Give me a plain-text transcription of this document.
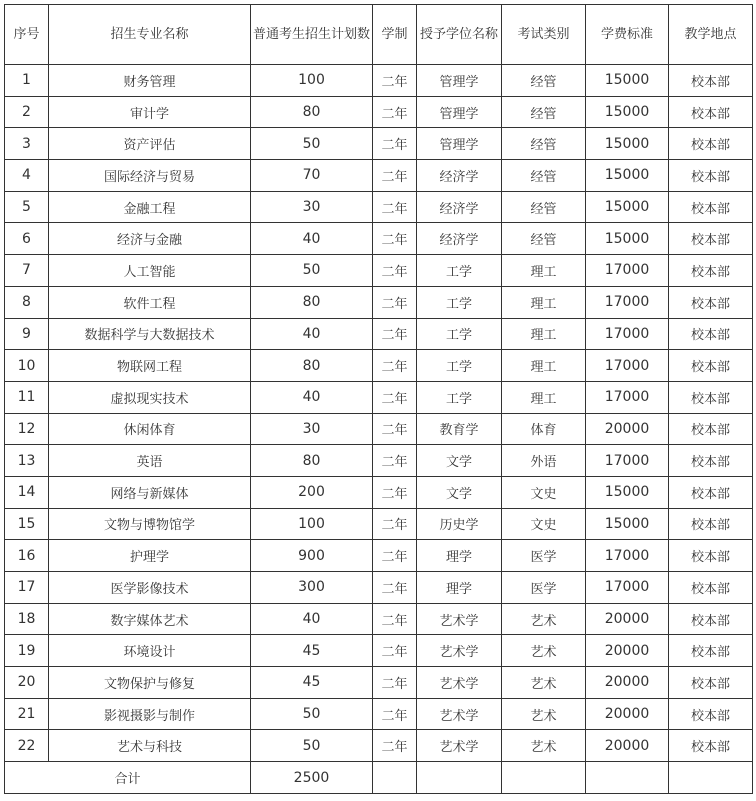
序号	招生专业名称	普通考生招生计划数	学制	授予学位名称	考试类别	学费标准	教学地点
1	财务管理	100	二年	管理学	经管	15000	校本部
2	审计学	80	二年	管理学	经管	15000	校本部
3	资产评估	50	二年	管理学	经管	15000	校本部
4	国际经济与贸易	70	二年	经济学	经管	15000	校本部
5	金融工程	30	二年	经济学	经管	15000	校本部
6	经济与金融	40	二年	经济学	经管	15000	校本部
7	人工智能	50	二年	工学	理工	17000	校本部
8	软件工程	80	二年	工学	理工	17000	校本部
9	数据科学与大数据技术	40	二年	工学	理工	17000	校本部
10	物联网工程	80	二年	工学	理工	17000	校本部
11	虚拟现实技术	40	二年	工学	理工	17000	校本部
12	休闲体育	30	二年	教育学	体育	20000	校本部
13	英语	80	二年	文学	外语	17000	校本部
14	网络与新媒体	200	二年	文学	文史	15000	校本部
15	文物与博物馆学	100	二年	历史学	文史	15000	校本部
16	护理学	900	二年	理学	医学	17000	校本部
17	医学影像技术	300	二年	理学	医学	17000	校本部
18	数字媒体艺术	40	二年	艺术学	艺术	20000	校本部
19	环境设计	45	二年	艺术学	艺术	20000	校本部
20	文物保护与修复	45	二年	艺术学	艺术	20000	校本部
21	影视摄影与制作	50	二年	艺术学	艺术	20000	校本部
22	艺术与科技	50	二年	艺术学	艺术	20000	校本部
合计		2500					
